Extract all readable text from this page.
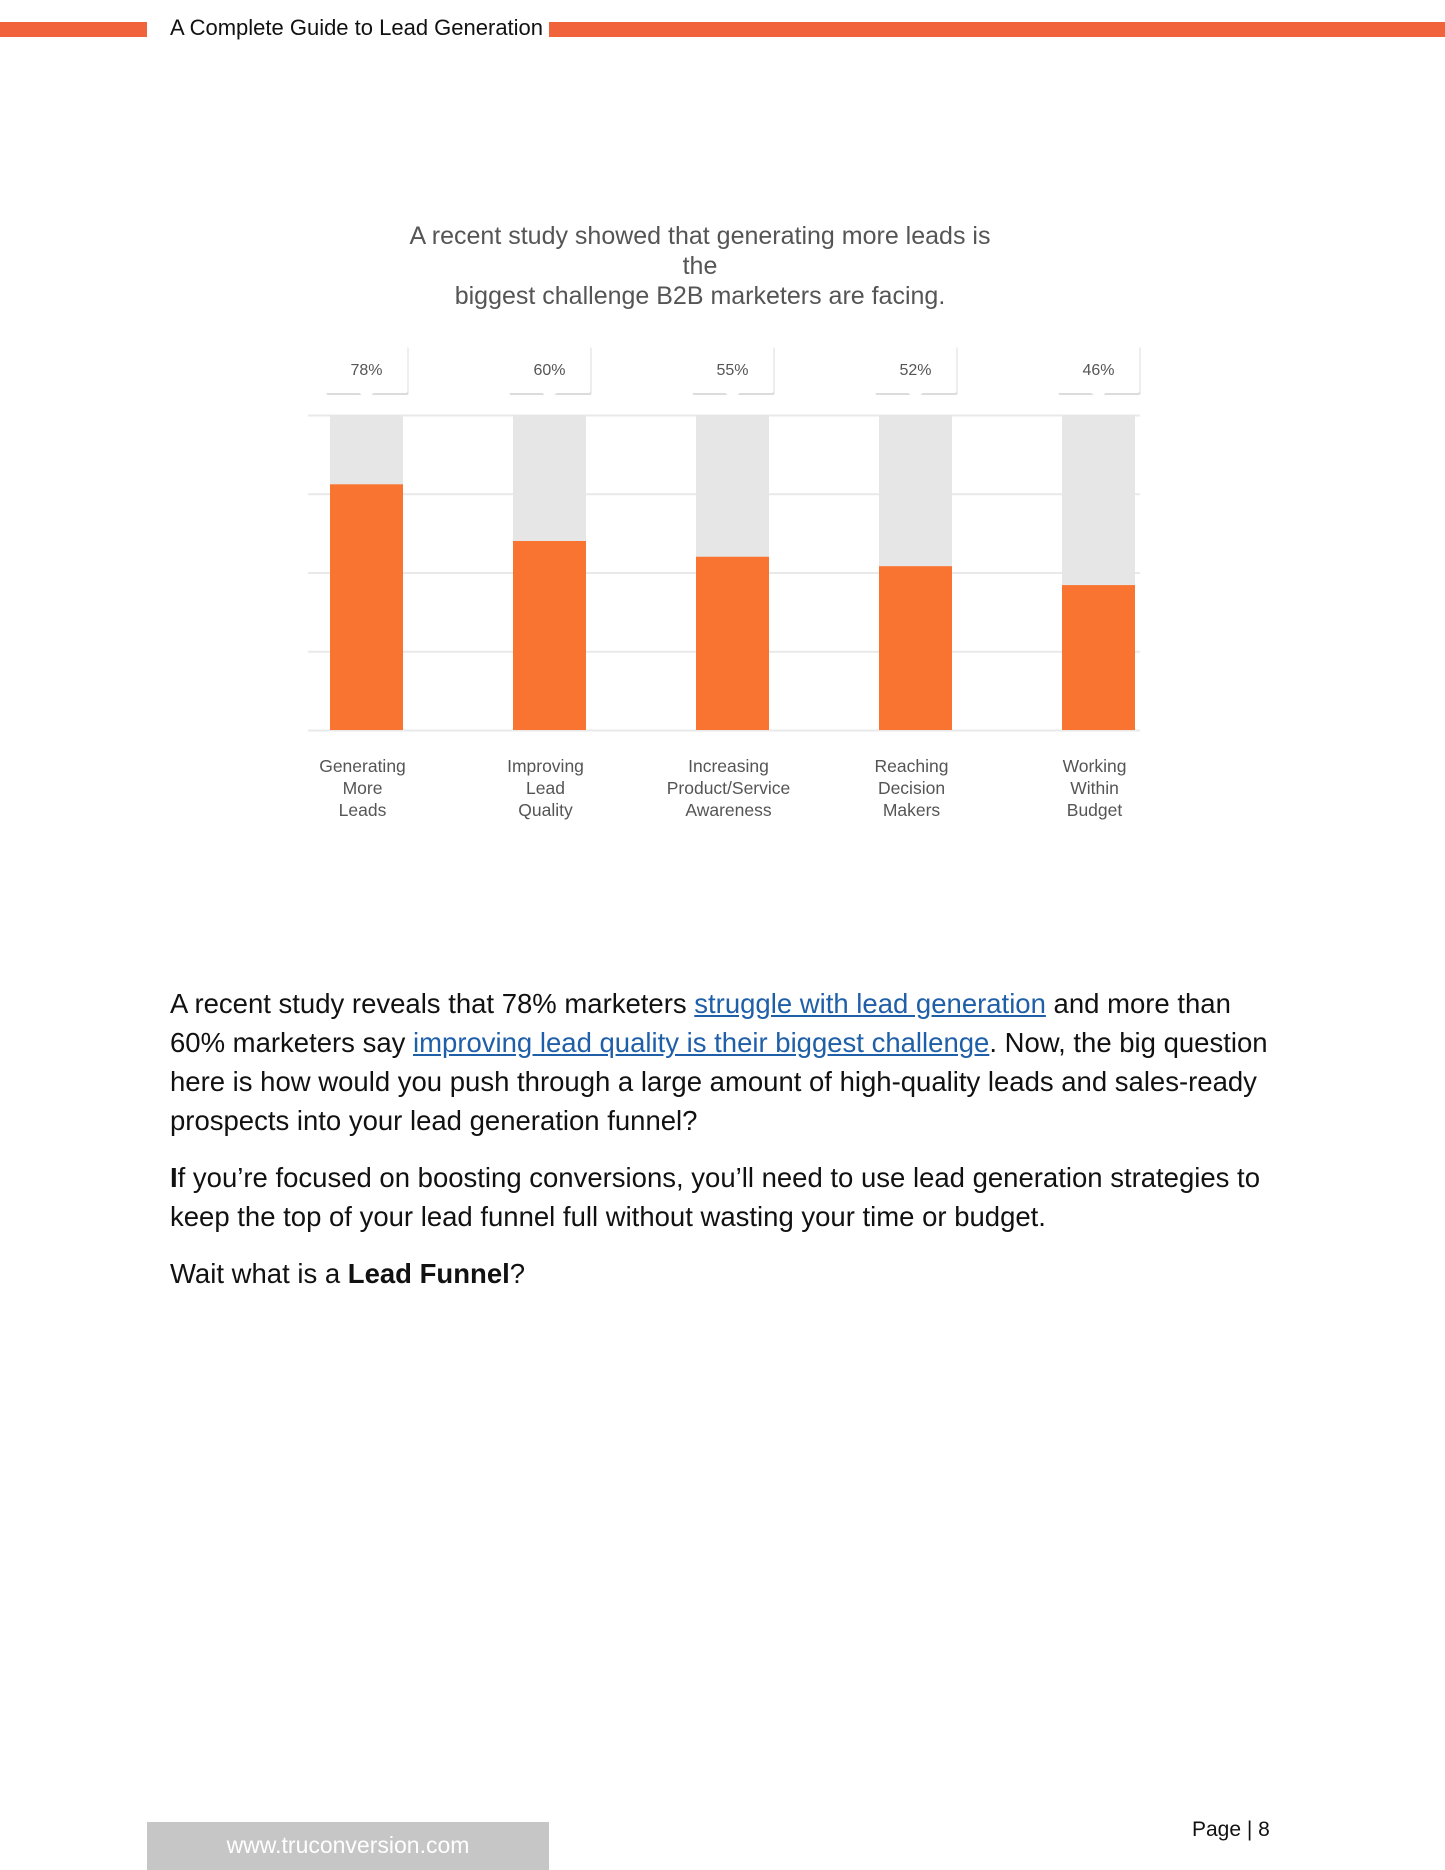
A Complete Guide to Lead Generation
78%
Generating
More
Leads
60%
Improving
Lead
Quality
55%
Increasing
Product/Service
Awareness
52%
Reaching
Decision
Makers
46%
Working
Within
Budget
A recent study showed that generating more leads is the
biggest challenge B2B marketers are facing.

A recent study reveals that 78% marketers struggle with lead generation and more than 60% marketers say improving lead quality is their biggest challenge. Now, the big question here is how would you push through a large amount of high-quality leads and sales-ready prospects into your lead generation funnel?

If you’re focused on boosting conversions, you’ll need to use lead generation strategies to keep the top of your lead funnel full without wasting your time or budget.

Wait what is a Lead Funnel?

www.truconversion.com
Page | 8
